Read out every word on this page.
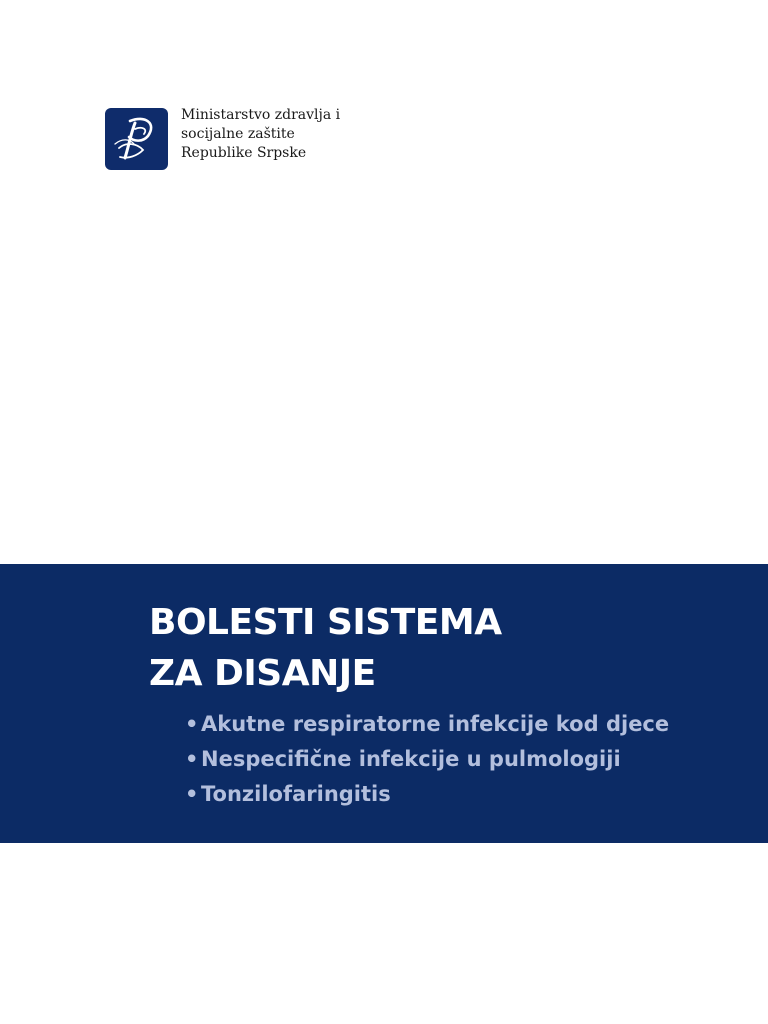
Ministarstvo zdravlja i
socijalne zaštite
Republike Srpske
BOLESTI SISTEMA
ZA DISANJE
• Akutne respiratorne infekcije kod djece
• Nespecifične infekcije u pulmologiji
• Tonzilofaringitis
